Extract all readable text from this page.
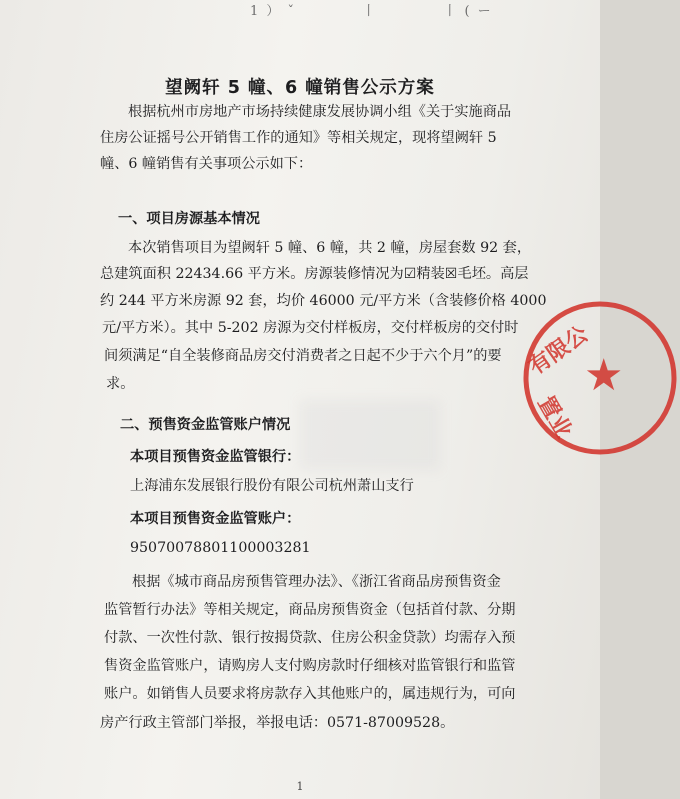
1 ） ˇ	丨	丨 ( ー
望阙轩 5 幢、6 幢销售公示方案
根据杭州市房地产市场持续健康发展协调小组《关于实施商品
住房公证摇号公开销售工作的通知》等相关规定，现将望阙轩 5
幢、6 幢销售有关事项公示如下：
一、项目房源基本情况
本次销售项目为望阙轩 5 幢、6 幢，共 2 幢，房屋套数 92 套，
总建筑面积 22434.66 平方米。房源装修情况为☑精装☒毛坯。高层
约 244 平方米房源 92 套，均价 46000 元/平方米（含装修价格 4000
元/平方米）。其中 5-202 房源为交付样板房，交付样板房的交付时
间须满足“自全装修商品房交付消费者之日起不少于六个月”的要
求。
二、预售资金监管账户情况
本项目预售资金监管银行：
上海浦东发展银行股份有限公司杭州萧山支行
本项目预售资金监管账户：
95070078801100003281
根据《城市商品房预售管理办法》、《浙江省商品房预售资金
监管暂行办法》等相关规定，商品房预售资金（包括首付款、分期
付款、一次性付款、银行按揭贷款、住房公积金贷款）均需存入预
售资金监管账户，请购房人支付购房款时仔细核对监管银行和监管
账户。如销售人员要求将房款存入其他账户的，属违规行为，可向
房产行政主管部门举报，举报电话：0571-87009528。
有限公
★
置业
1
